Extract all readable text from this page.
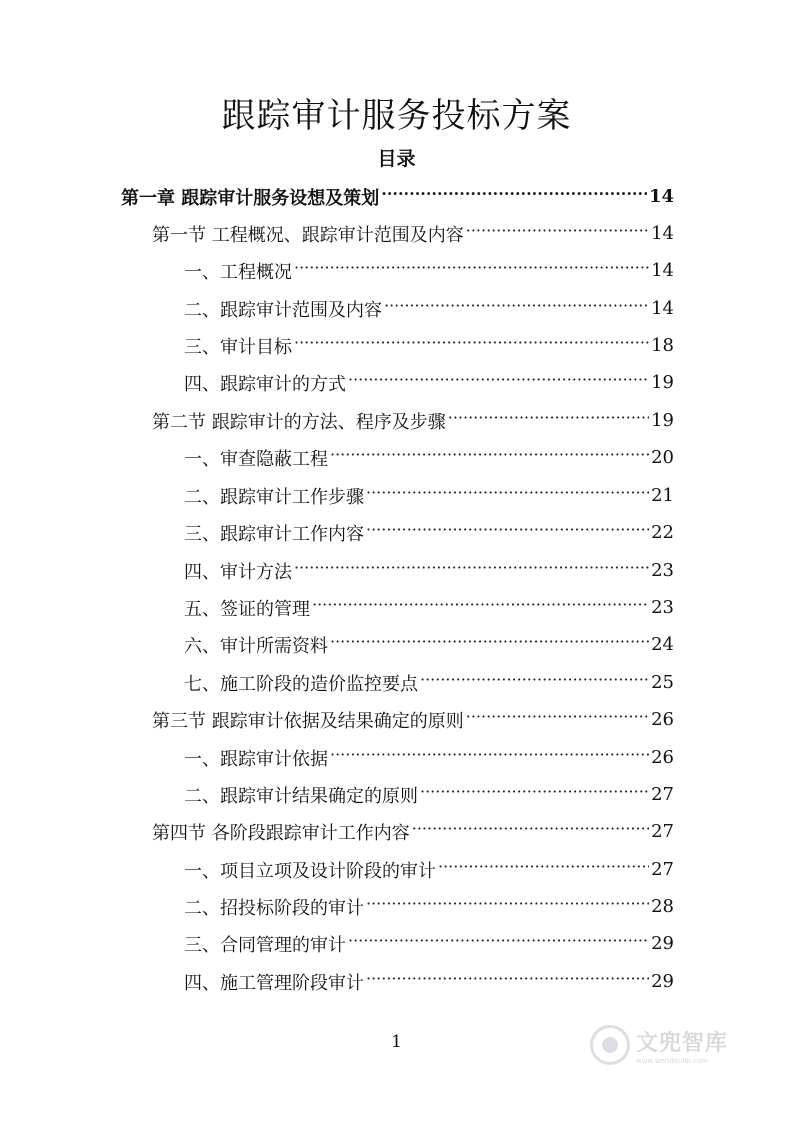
跟踪审计服务投标方案
目录
第一章 跟踪审计服务设想及策划 ·····	14
第一节 工程概况、跟踪审计范围及内容 ·····	14
一、工程概况 ·····	14
二、跟踪审计范围及内容 ·····	14
三、审计目标 ·····	18
四、跟踪审计的方式 ·····	19
第二节 跟踪审计的方法、程序及步骤 ·····	19
一、审查隐蔽工程 ·····	20
二、跟踪审计工作步骤 ·····	21
三、跟踪审计工作内容 ·····	22
四、审计方法 ·····	23
五、签证的管理 ·····	23
六、审计所需资料 ·····	24
七、施工阶段的造价监控要点 ·····	25
第三节 跟踪审计依据及结果确定的原则 ·····	26
一、跟踪审计依据 ·····	26
二、跟踪审计结果确定的原则 ·····	27
第四节 各阶段跟踪审计工作内容 ·····	27
一、项目立项及设计阶段的审计 ·····	27
二、招投标阶段的审计 ·····	28
三、合同管理的审计 ·····	29
四、施工管理阶段审计 ·····	29
1	文兜智库
www.wendoulib.com
